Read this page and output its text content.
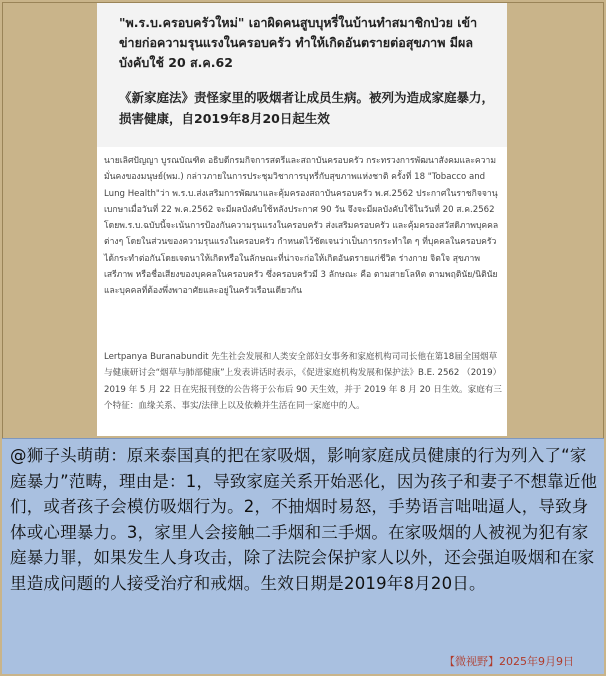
"พ.ร.บ.ครอบครัวใหม่" เอาผิดคนสูบบุหรี่ในบ้านทำสมาชิกป่วย เข้าข่ายก่อความรุนแรงในครอบครัว ทำให้เกิดอันตรายต่อสุขภาพ มีผลบังคับใช้ 20 ส.ค.62
《新家庭法》责怪家里的吸烟者让成员生病。被列为造成家庭暴力，损害健康，自2019年8月20日起生效
นายเลิศปัญญา บูรณบัณฑิต อธิบดีกรมกิจการสตรีและสถาบันครอบครัว กระทรวงการพัฒนาสังคมและความมั่นคงของมนุษย์(พม.) กล่าวภายในการประชุมวิชาการบุหรี่กับสุขภาพแห่งชาติ ครั้งที่ 18 "Tobacco and Lung Health"ว่า พ.ร.บ.ส่งเสริมการพัฒนาและคุ้มครองสถาบันครอบครัว พ.ศ.2562 ประกาศในราชกิจจานุเบกษาเมื่อวันที่ 22 พ.ค.2562 จะมีผลบังคับใช้หลังประกาศ 90 วัน จึงจะมีผลบังคับใช้ในวันที่ 20 ส.ค.2562 โดยพ.ร.บ.ฉบับนี้จะเน้นการป้องกันความรุนแรงในครอบครัว ส่งเสริมครอบครัว และคุ้มครองสวัสดิภาพบุคคลต่างๆ โดยในส่วนของความรุนแรงในครอบครัว กำหนดไว้ชัดเจนว่าเป็นการกระทำใด ๆ ที่บุคคลในครอบครัวได้กระทำต่อกันโดยเจตนาให้เกิดหรือในลักษณะที่น่าจะก่อให้เกิดอันตรายแก่ชีวิต ร่างกาย จิตใจ สุขภาพ เสรีภาพ หรือชื่อเสียงของบุคคลในครอบครัว ซึ่งครอบครัวมี 3 ลักษณะ คือ ตามสายโลหิต ตามพฤตินัย/นิตินัย และบุคคลที่ต้องพึ่งพาอาศัยและอยู่ในครัวเรือนเดียวกัน
Lertpanya Buranabundit 先生社会发展和人类安全部妇女事务和家庭机构司司长他在第18届全国烟草与健康研讨会“烟草与肺部健康”上发表讲话时表示，《促进家庭机构发展和保护法》B.E. 2562 （2019）2019 年 5 月 22 日在宪报刊登的公告将于公布后 90 天生效，并于 2019 年 8 月 20 日生效。家庭有三个特征：血缘关系、事实/法律上以及依赖并生活在同一家庭中的人。
@狮子头萌萌：原来泰国真的把在家吸烟，影响家庭成员健康的行为列入了“家庭暴力”范畴，理由是：1，导致家庭关系开始恶化，因为孩子和妻子不想靠近他们，或者孩子会模仿吸烟行为。2，不抽烟时易怒，手势语言咄咄逼人，导致身体或心理暴力。3，家里人会接触二手烟和三手烟。在家吸烟的人被视为犯有家庭暴力罪，如果发生人身攻击，除了法院会保护家人以外，还会强迫吸烟和在家里造成问题的人接受治疗和戒烟。生效日期是2019年8月20日。
【微视野】2025年9月9日
